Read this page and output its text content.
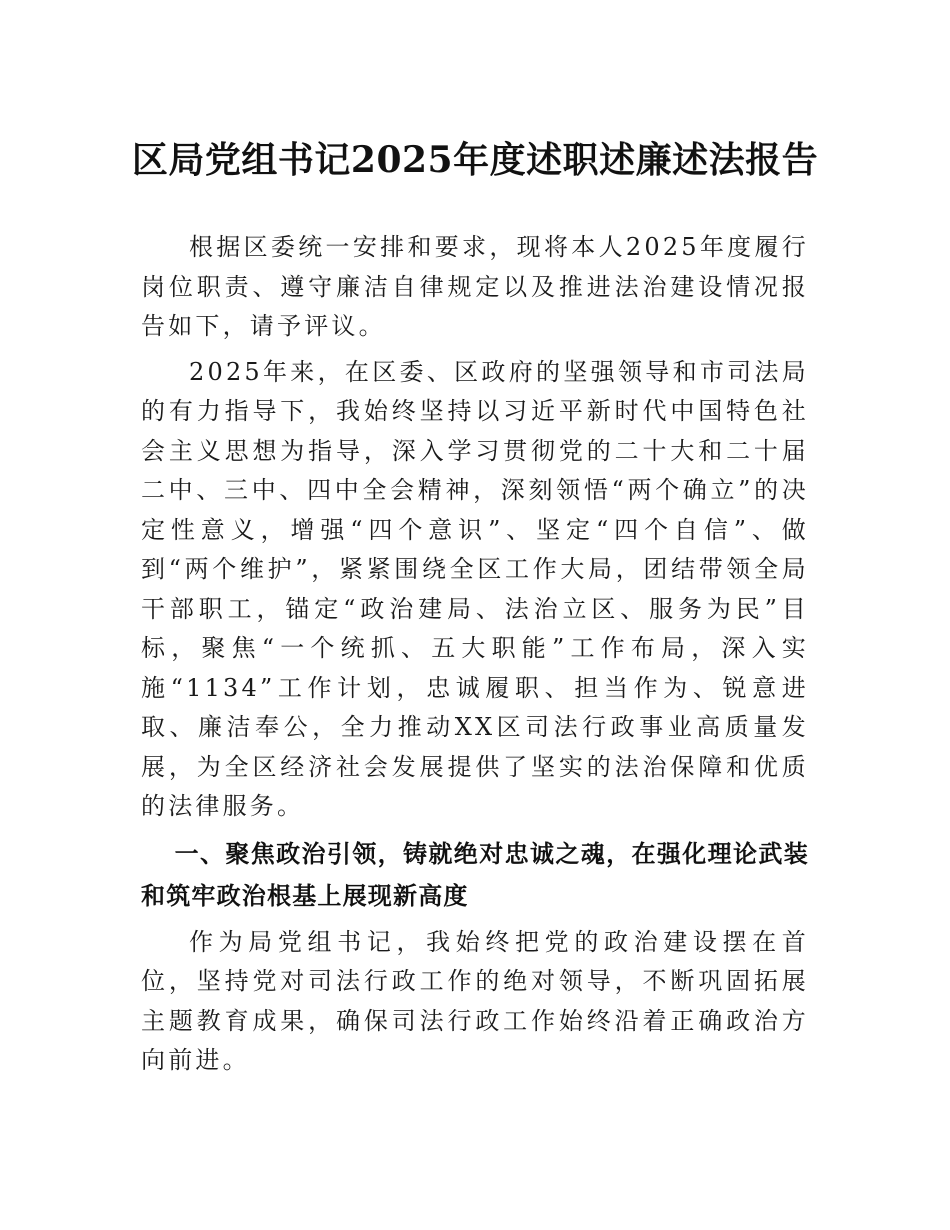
区局党组书记2025年度述职述廉述法报告

根据区委统一安排和要求，现将本人2025年度履行岗位职责、遵守廉洁自律规定以及推进法治建设情况报告如下，请予评议。

2025年来，在区委、区政府的坚强领导和市司法局的有力指导下，我始终坚持以习近平新时代中国特色社会主义思想为指导，深入学习贯彻党的二十大和二十届二中、三中、四中全会精神，深刻领悟“两个确立”的决定性意义，增强“四个意识”、坚定“四个自信”、做到“两个维护”，紧紧围绕全区工作大局，团结带领全局干部职工，锚定“政治建局、法治立区、服务为民”目标，聚焦“一个统抓、五大职能”工作布局，深入实施“1134”工作计划，忠诚履职、担当作为、锐意进取、廉洁奉公，全力推动XX区司法行政事业高质量发展，为全区经济社会发展提供了坚实的法治保障和优质的法律服务。

一、聚焦政治引领，铸就绝对忠诚之魂，在强化理论武装和筑牢政治根基上展现新高度

作为局党组书记，我始终把党的政治建设摆在首位，坚持党对司法行政工作的绝对领导，不断巩固拓展主题教育成果，确保司法行政工作始终沿着正确政治方向前进。
